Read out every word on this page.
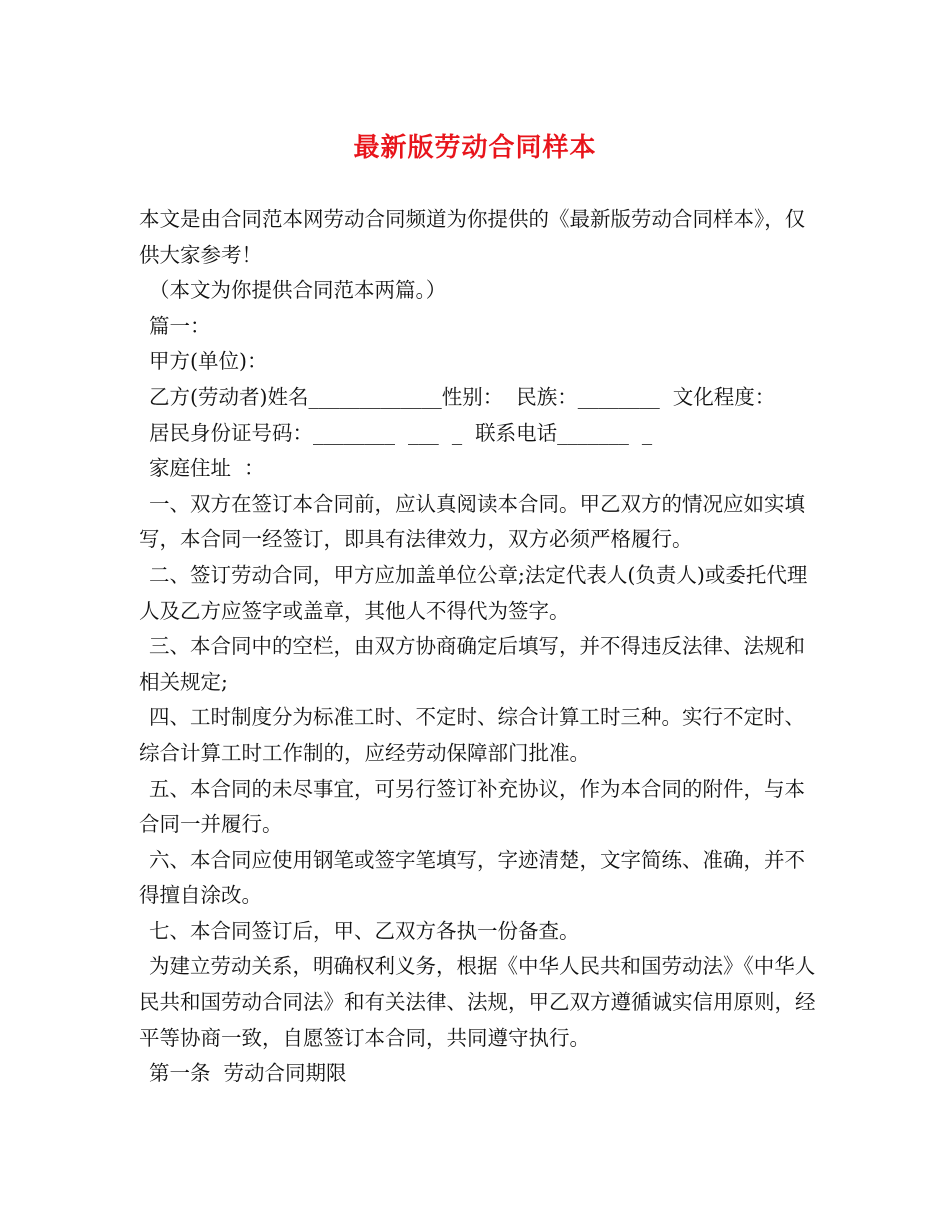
最新版劳动合同样本

本文是由合同范本网劳动合同频道为你提供的《最新版劳动合同样本》，仅供大家参考！

（本文为你提供合同范本两篇。）

篇一：

甲方(单位)：

乙方(劳动者)姓名_____________性别：  民族：________  文化程度：

居民身份证号码：________  ___  _  联系电话_______  _

家庭住址  ：

一、双方在签订本合同前，应认真阅读本合同。甲乙双方的情况应如实填写，本合同一经签订，即具有法律效力，双方必须严格履行。

二、签订劳动合同，甲方应加盖单位公章;法定代表人(负责人)或委托代理人及乙方应签字或盖章，其他人不得代为签字。

三、本合同中的空栏，由双方协商确定后填写，并不得违反法律、法规和相关规定;

四、工时制度分为标准工时、不定时、综合计算工时三种。实行不定时、综合计算工时工作制的，应经劳动保障部门批准。

五、本合同的未尽事宜，可另行签订补充协议，作为本合同的附件，与本合同一并履行。

六、本合同应使用钢笔或签字笔填写，字迹清楚，文字简练、准确，并不得擅自涂改。

七、本合同签订后，甲、乙双方各执一份备查。

为建立劳动关系，明确权利义务，根据《中华人民共和国劳动法》《中华人民共和国劳动合同法》和有关法律、法规，甲乙双方遵循诚实信用原则，经平等协商一致，自愿签订本合同，共同遵守执行。

第一条  劳动合同期限
